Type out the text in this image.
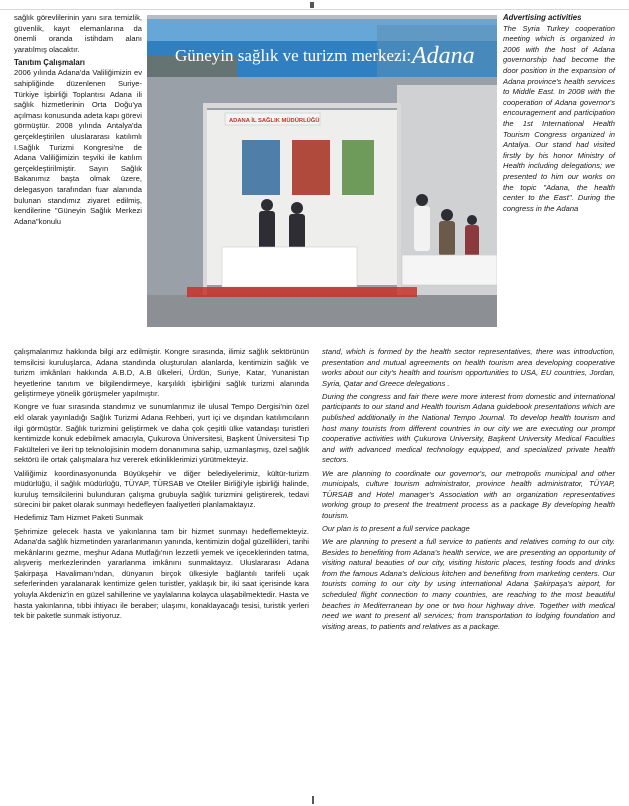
sağlık görevlilerinin yanı sıra temizlik, güvenlik, kayıt elemanlarına da önemli oranda istihdam alanı yaratılmış olacaktır.

Tanıtım Çalışmaları

2006 yılında Adana'da Valiliğimizin ev sahipliğinde düzenlenen Suriye-Türkiye İşbirliği Toplantısı Adana ili sağlık hizmetlerinin Orta Doğu'ya açılması konusunda adeta kapı görevi görmüştür. 2008 yılında Antalya'da gerçekleştirilen uluslararası katılımlı I.Sağlık Turizmi Kongresi'ne de Adana Valiliğimizin teşviki ile katılım gerçekleştirilmiştir. Sayın Sağlık Bakanımız başta olmak üzere, delegasyon tarafından fuar alanında bulunan standımız ziyaret edilmiş, kendilerine "Güneyin Sağlık Merkezi Adana"konulu

çalışmalarımız hakkında bilgi arz edilmiştir. Kongre sırasında, ilimiz sağlık sektörünün temsilcisi kuruluşlarca, Adana standında oluşturulan alanlarda, kentimizin sağlık ve turizm imkânları hakkında A.B.D, A.B ülkeleri, Ürdün, Suriye, Katar, Yunanistan heyetlerine tanıtım ve bilgilendirmeye, karşılıklı işbirliğini sağlık turizmi alanında geliştirmeye yönelik görüşmeler yapılmıştır.

Kongre ve fuar sırasında standımız ve sunumlarımız ile ulusal Tempo Dergisi'nin özel ekî olarak yayınladığı Sağlık Turizmi Adana Rehberi, yurt içi ve dışından katılımcıların ilgi görmüştür. Sağlık turizmini geliştirmek ve daha çok çeşitli ülke vatandaşı turistleri kentimizde konuk edebilmek amacıyla, Çukurova Üniversitesi, Başkent Üniversitesi Tıp Fakülteleri ve ileri tıp teknolojisinin modern donanımına sahip, uzmanlaşmış, özel sağlık sektörü ile ortak çalışmalara hız vererek etkinliklerimizi yürütmekteyiz.

Valiliğimiz koordinasyonunda Büyükşehir ve diğer belediyelerimiz, kültür-turizm müdürlüğü, il sağlık müdürlüğü, TÜYAP, TÜRSAB ve Oteliler Birliği'yle işbirliği halinde, kuruluş temsilcilerini bulunduran çalışma grubuyla sağlık turizmini geliştirerek, tedavi sürecini bir paket olarak sunmayı hedefleyen faaliyetleri planlamaktayız.

Hedefimiz Tam Hizmet Paketi Sunmak

Şehrimize gelecek hasta ve yakınlarına tam bir hizmet sunmayı hedeflemekteyiz. Adana'da sağlık hizmetinden yararlanmanın yanında, kentimizin doğal güzellikleri, tarihi mekânlarını gezme, meşhur Adana Mutfağı'nın lezzetli yemek ve içeceklerinden tatma, alışveriş merkezlerinden yararlanma imkânını sunmaktayız. Uluslararası Adana Şakirpaşa Havalimanı'ndan, dünyanın birçok ülkesiyle bağlantılı tarifeli uçak seferlerinden yaralanarak kentimize gelen turistler, yaklaşık bir, iki saat içerisinde kara yoluyla Akdeniz'in en güzel sahillerine ve yaylalarına kolayca ulaşabilmektedir. Hasta ve hasta yakınlarına, tıbbi ihtiyacı ile beraber; ulaşımı, konaklayacağı tesisi, turistik yerleri tek bir paketle sunmak istiyoruz.

Advertising activities

The Syria Turkey cooperation meeting which is organized in 2006 with the host of Adana governorship had become the door position in the expansion of Adana province's health services to Middle East. In 2008 with the cooperation of Adana governor's encouragement and participation the 1st International Health Tourism Congress organized in Antalya. Our stand had visited firstly by his honor Ministry of Health including delegations; we presented to him our works on the topic "Adana, the health center to the East". During the congress in the Adana

stand, which is formed by the health sector representatives, there was introduction, presentation and mutual agreements on health tourism area developing cooperative works about our city's health and tourism opportunities to USA, EU countries, Jordan, Syria, Qatar and Greece delegations .

During the congress and fair there were more interest from domestic and international participants to our stand and Health tourism Adana guidebook presentations which are published additionally in the National Tempo Journal. To develop health tourism and host many tourists from different countries in our city we are executing our prompt cooperative activities with Çukurova University, Başkent University Medical Faculties and with advanced medical technology equipped, and specialized private health sectors.

We are planning to coordinate our governor's, our metropolis municipal and other municipals, culture tourism administrator, province health administrator, TÜYAP, TÜRSAB and Hotel manager's Association with an organization representatives working group to present the treatment process as a package By developing health tourism.

Our plan is to present a full service package

We are planning to present a full service to patients and relatives coming to our city. Besides to benefiting from Adana's health service, we are presenting an opportunity of visiting natural beauties of our city, visiting historic places, testing foods and drinks from the famous Adana's delicious kitchen and benefiting from marketing centers. Our tourists coming to our city by using international Adana Şakirpaşa's airport, for scheduled flight connection to many countries, are reaching to the most beautiful beaches in Mediterranean by one or two hour highway drive. Together with medical need we want to present all services; from transportation to lodging foundation and visiting areas, to patients and relatives as a package.

Güneyin sağlık ve turizm merkezi: Adana
ADANA İL SAĞLIK MÜDÜRLÜĞÜ
